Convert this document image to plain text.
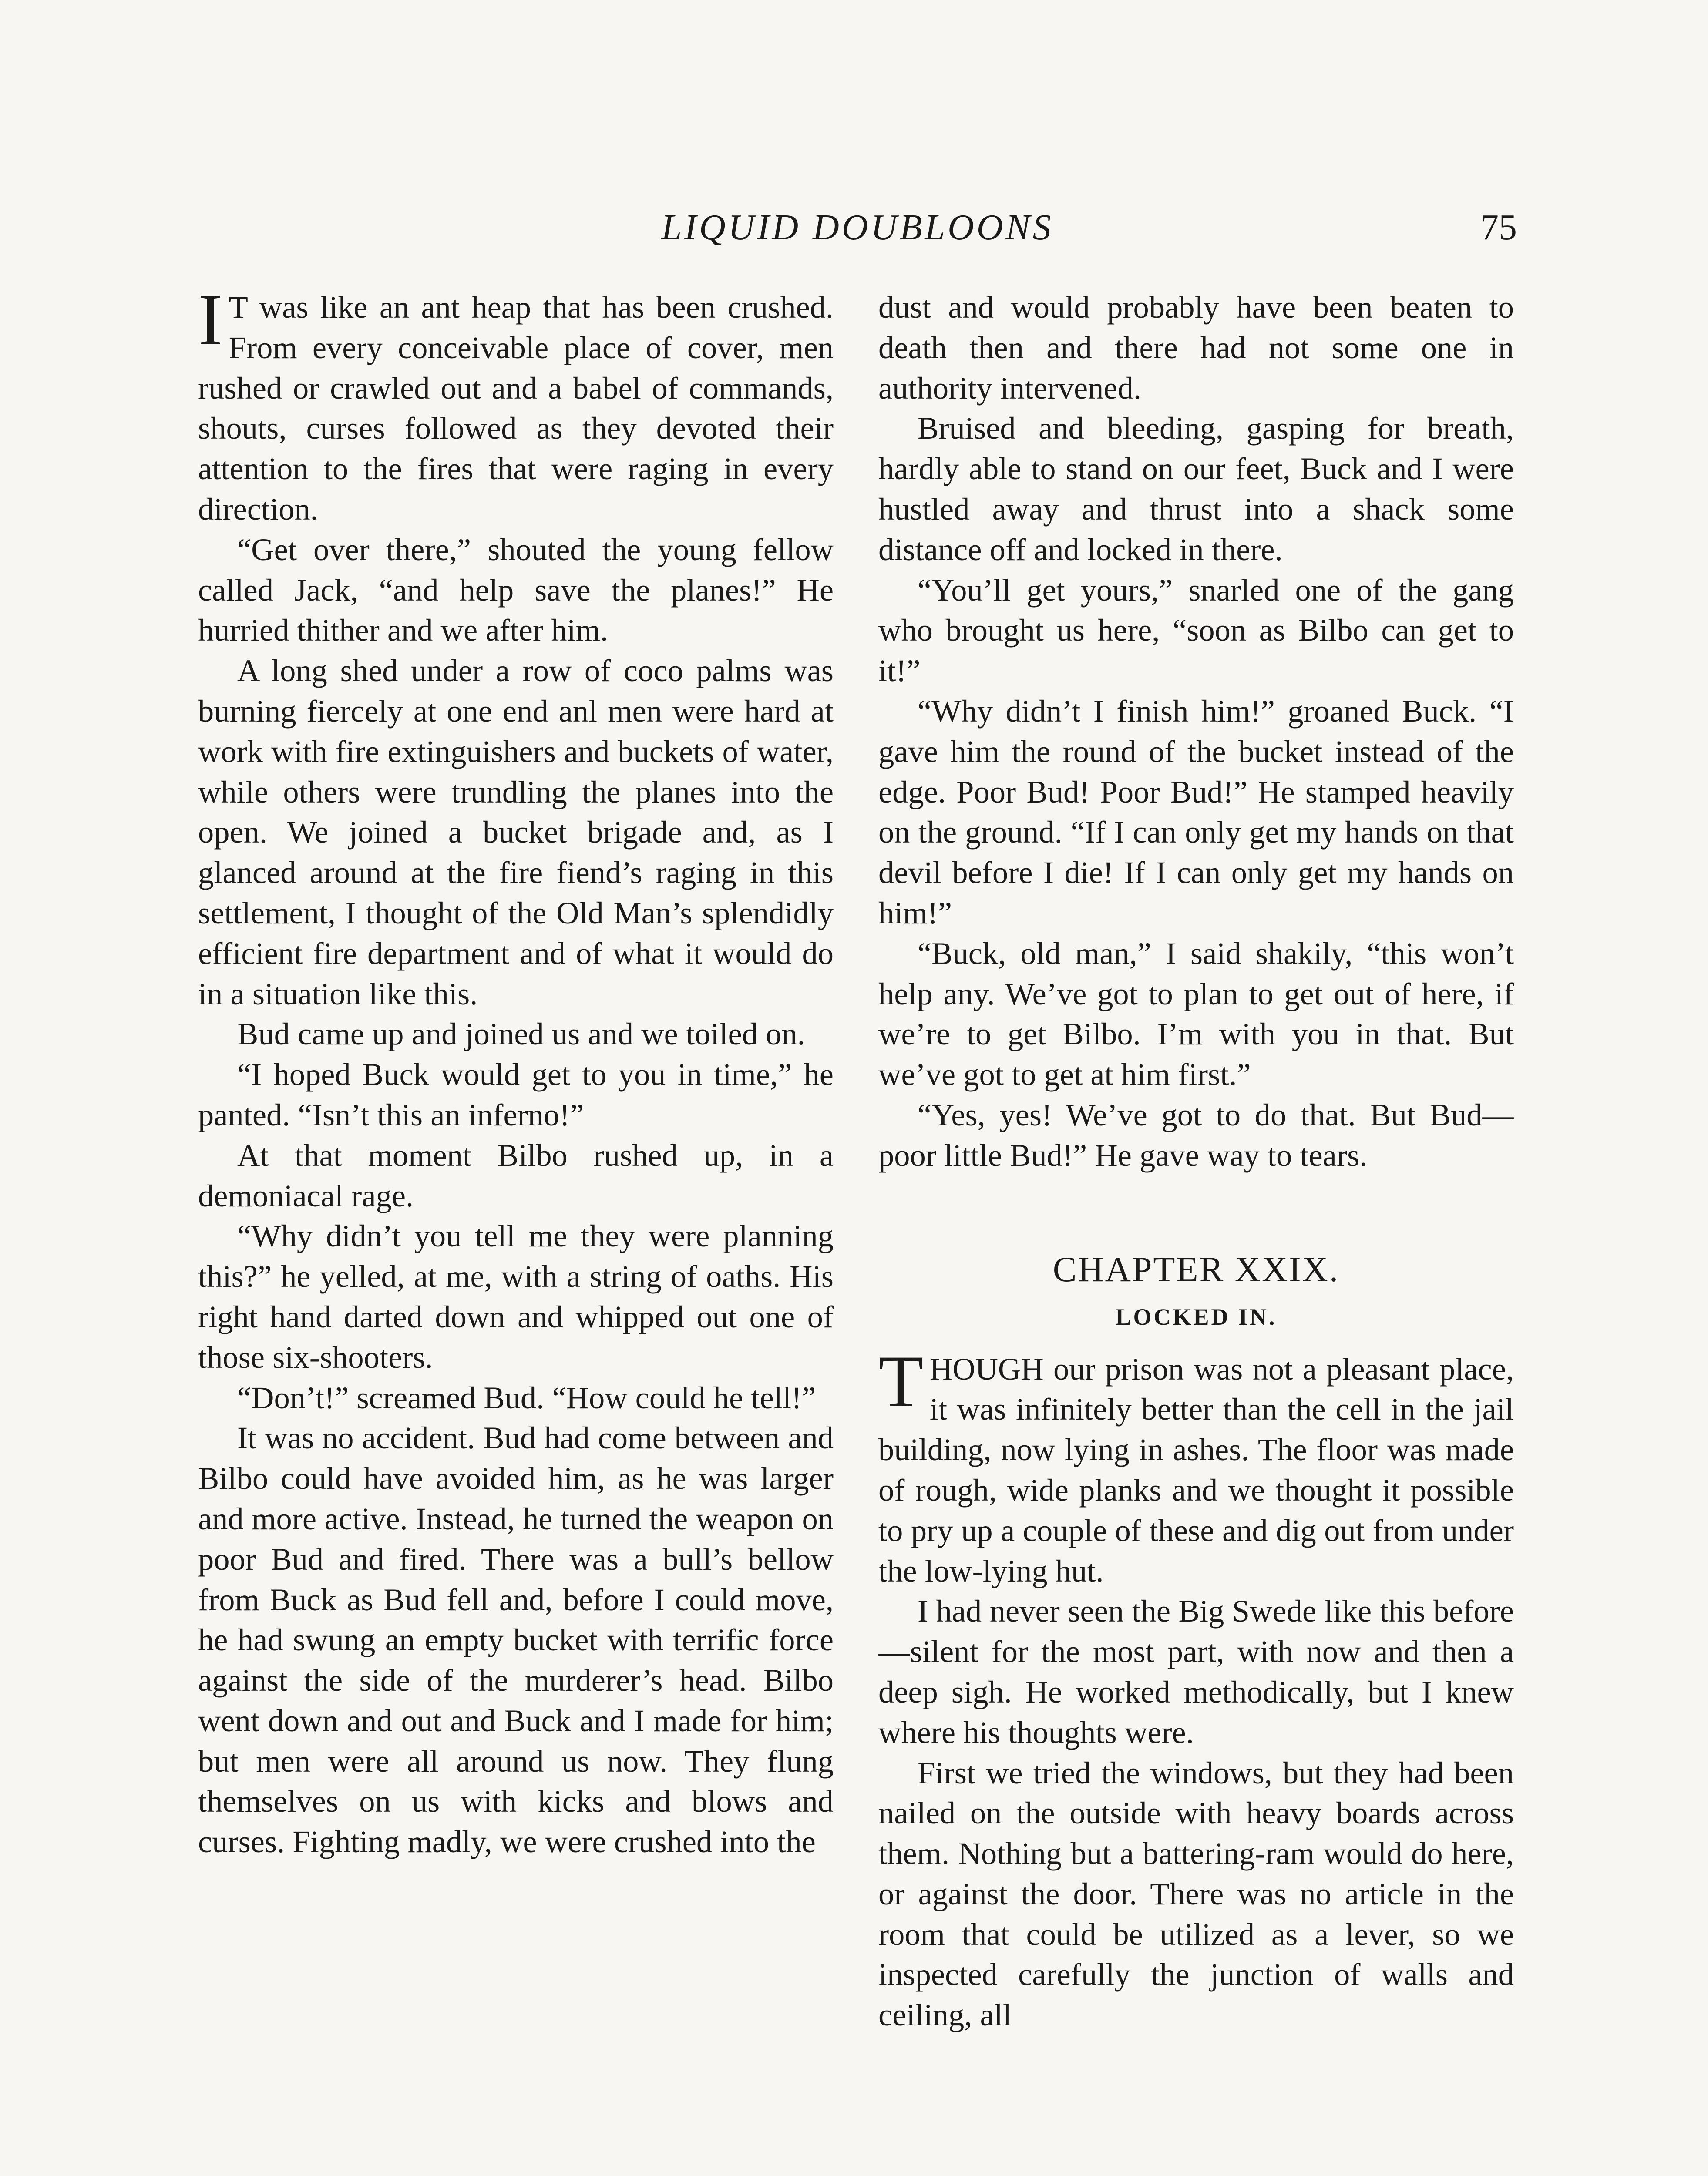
LIQUID DOUBLOONS	75

I T was like an ant heap that has been crushed. From every conceivable place of cover, men rushed or crawled out and a babel of commands, shouts, curses followed as they devoted their attention to the fires that were raging in every direction.

“Get over there,” shouted the young fellow called Jack, “and help save the planes!” He hurried thither and we after him.

A long shed under a row of coco palms was burning fiercely at one end anl men were hard at work with fire extinguishers and buckets of water, while others were trundling the planes into the open. We joined a bucket brigade and, as I glanced around at the fire fiend’s raging in this settlement, I thought of the Old Man’s splendidly efficient fire department and of what it would do in a situation like this.

Bud came up and joined us and we toiled on.

“I hoped Buck would get to you in time,” he panted. “Isn’t this an inferno!”

At that moment Bilbo rushed up, in a demoniacal rage.

“Why didn’t you tell me they were planning this?” he yelled, at me, with a string of oaths. His right hand darted down and whipped out one of those six-shooters.

“Don’t!” screamed Bud. “How could he tell!”

It was no accident. Bud had come between and Bilbo could have avoided him, as he was larger and more active. Instead, he turned the weapon on poor Bud and fired. There was a bull’s bellow from Buck as Bud fell and, before I could move, he had swung an empty bucket with terrific force against the side of the murderer’s head. Bilbo went down and out and Buck and I made for him; but men were all around us now. They flung themselves on us with kicks and blows and curses. Fighting madly, we were crushed into the

dust and would probably have been beaten to death then and there had not some one in authority intervened.

Bruised and bleeding, gasping for breath, hardly able to stand on our feet, Buck and I were hustled away and thrust into a shack some distance off and locked in there.

“You’ll get yours,” snarled one of the gang who brought us here, “soon as Bilbo can get to it!”

“Why didn’t I finish him!” groaned Buck. “I gave him the round of the bucket instead of the edge. Poor Bud! Poor Bud!” He stamped heavily on the ground. “If I can only get my hands on that devil before I die! If I can only get my hands on him!”

“Buck, old man,” I said shakily, “this won’t help any. We’ve got to plan to get out of here, if we’re to get Bilbo. I’m with you in that. But we’ve got to get at him first.”

“Yes, yes! We’ve got to do that. But Bud—poor little Bud!” He gave way to tears.

CHAPTER XXIX.
LOCKED IN.

THOUGH our prison was not a pleasant place, it was infinitely better than the cell in the jail building, now lying in ashes. The floor was made of rough, wide planks and we thought it possible to pry up a couple of these and dig out from under the low-lying hut.

I had never seen the Big Swede like this before—silent for the most part, with now and then a deep sigh. He worked methodically, but I knew where his thoughts were.

First we tried the windows, but they had been nailed on the outside with heavy boards across them. Nothing but a battering-ram would do here, or against the door. There was no article in the room that could be utilized as a lever, so we inspected carefully the junction of walls and ceiling, all
